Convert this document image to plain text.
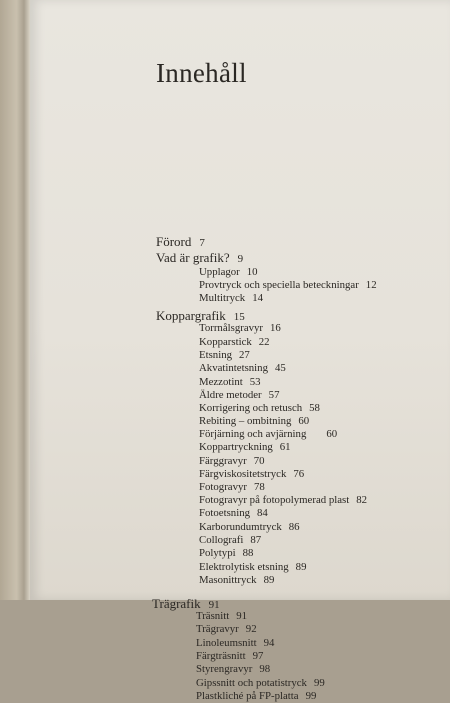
Innehåll
Förord 7
Vad är grafik? 9
Upplagor 10
Provtryck och speciella beteckningar 12
Multitryck 14
Koppargrafik 15
Torrnålsgravyr 16
Kopparstick 22
Etsning 27
Akvatintetsning 45
Mezzotint 53
Äldre metoder 57
Korrigering och retusch 58
Rebiting – ombitning 60
Förjärning och avjärning 60
Koppartryckning 61
Färggravyr 70
Färgviskositetstryck 76
Fotogravyr 78
Fotogravyr på fotopolymerad plast 82
Fotoetsning 84
Karborundumtryck 86
Collografi 87
Polytypi 88
Elektrolytisk etsning 89
Masonittryck 89
Trägrafik 91
Träsnitt 91
Trägravyr 92
Linoleumsnitt 94
Färgträsnitt 97
Styrengravyr 98
Gipssnitt och potatistryck 99
Plastkliché på FP-platta 99
